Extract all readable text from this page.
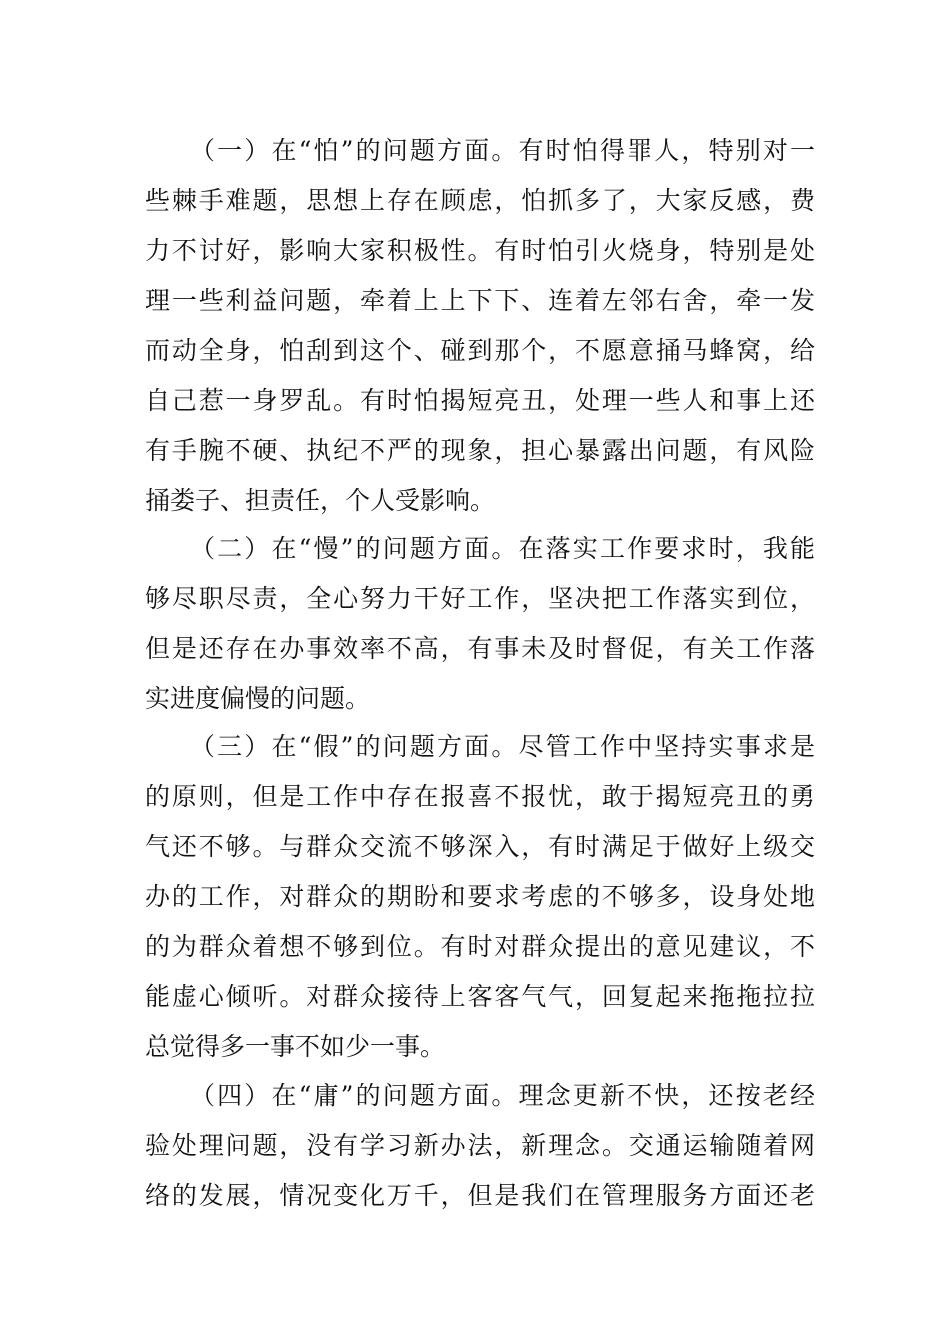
（一）在“怕”的问题方面。有时怕得罪人，特别对一
些棘手难题，思想上存在顾虑，怕抓多了，大家反感，费
力不讨好，影响大家积极性。有时怕引火烧身，特别是处
理一些利益问题，牵着上上下下、连着左邻右舍，牵一发
而动全身，怕刮到这个、碰到那个，不愿意捅马蜂窝，给
自己惹一身罗乱。有时怕揭短亮丑，处理一些人和事上还
有手腕不硬、执纪不严的现象，担心暴露出问题，有风险
捅娄子、担责任，个人受影响。
（二）在“慢”的问题方面。在落实工作要求时，我能
够尽职尽责，全心努力干好工作，坚决把工作落实到位，
但是还存在办事效率不高，有事未及时督促，有关工作落
实进度偏慢的问题。
（三）在“假”的问题方面。尽管工作中坚持实事求是
的原则，但是工作中存在报喜不报忧，敢于揭短亮丑的勇
气还不够。与群众交流不够深入，有时满足于做好上级交
办的工作，对群众的期盼和要求考虑的不够多，设身处地
的为群众着想不够到位。有时对群众提出的意见建议，不
能虚心倾听。对群众接待上客客气气，回复起来拖拖拉拉
总觉得多一事不如少一事。
（四）在“庸”的问题方面。理念更新不快，还按老经
验处理问题，没有学习新办法，新理念。交通运输随着网
络的发展，情况变化万千，但是我们在管理服务方面还老
